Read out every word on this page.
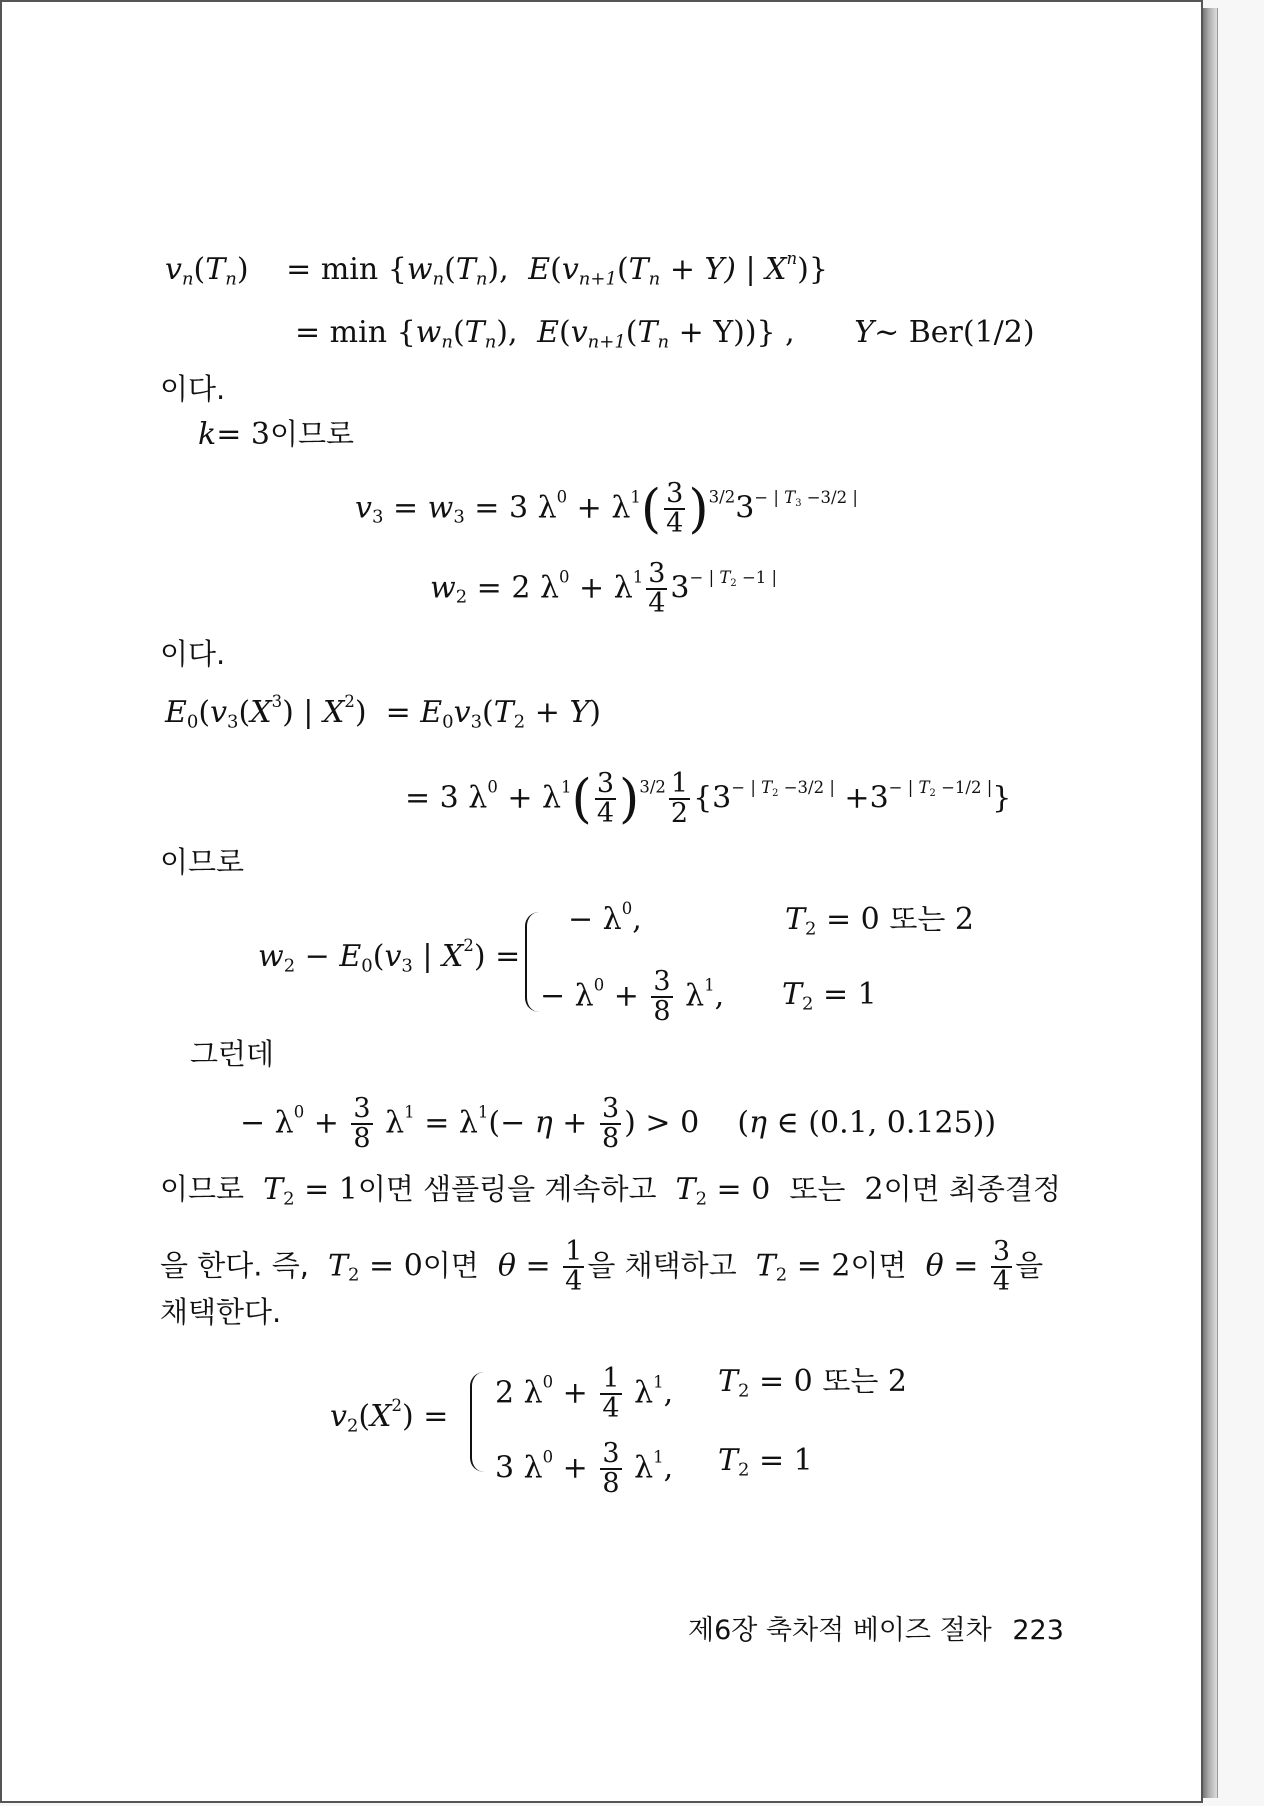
$v_n(T_n) = \min \{w_n(T_n)$, $E(v_{n+1}(T_n + Y)$ | $X^n$)}
= $\min \{w_n(T_n)$, $E(v_{n+1}(T_n + Y))$} , Y~ Ber(1/2)
이다.
k= 3이므로
$v_3 = w_3 = 3$ $\lambda^0 + \lambda^1( \frac{3}{4} )^{3/2}3^{- | T_3 -3/2 |}$
$w_2 = 2$ $\lambda^0 + \lambda^1 \frac{3}{4} 3^{- | T_2 -1 |}$
이다.
$E_0(v_3(X^3)$ | $X^2) = E_0v_3(T_2 + Y)$
= 3 $\lambda^0 + \lambda^1( \frac{3}{4} )^{3/2} \frac{1}{2} \{3^{- | T_2 -3/2 |} +3^{- | T_2 -1/2 |}\}$
이므로
$w_2 - E_0(v_3$ | $X^2$) =
− $\lambda^0$,	$T_2 = 0$ 또는 2
− $\lambda^0 + \frac{3}{8} \lambda^1$, $T_2 = 1$
그런데
− $\lambda^0 + \frac{3}{8} \lambda^1 = \lambda^1(- \eta + \frac{3}{8}$ ) > 0    (η ∈ (0.1, 0.125))
이므로 $T_2 = 1$이면 샘플링을 계속하고 $T_2 = 0$  또는  2이면 최종결정
을 한다. 즉, $T_2 = 0$이면 $\theta = \frac{1}{4}$ 을 채택하고 $T_2 = 2$이면 $\theta = \frac{3}{4}$ 을
채택한다.
$v_2(X^2)$ =
2 $\lambda^0 + \frac{1}{4} \lambda^1$, $T_2 = 0$ 또는 2
3 $\lambda^0 + \frac{3}{8} \lambda^1$, $T_2 = 1$
제6장 축차적 베이즈 절차 223
